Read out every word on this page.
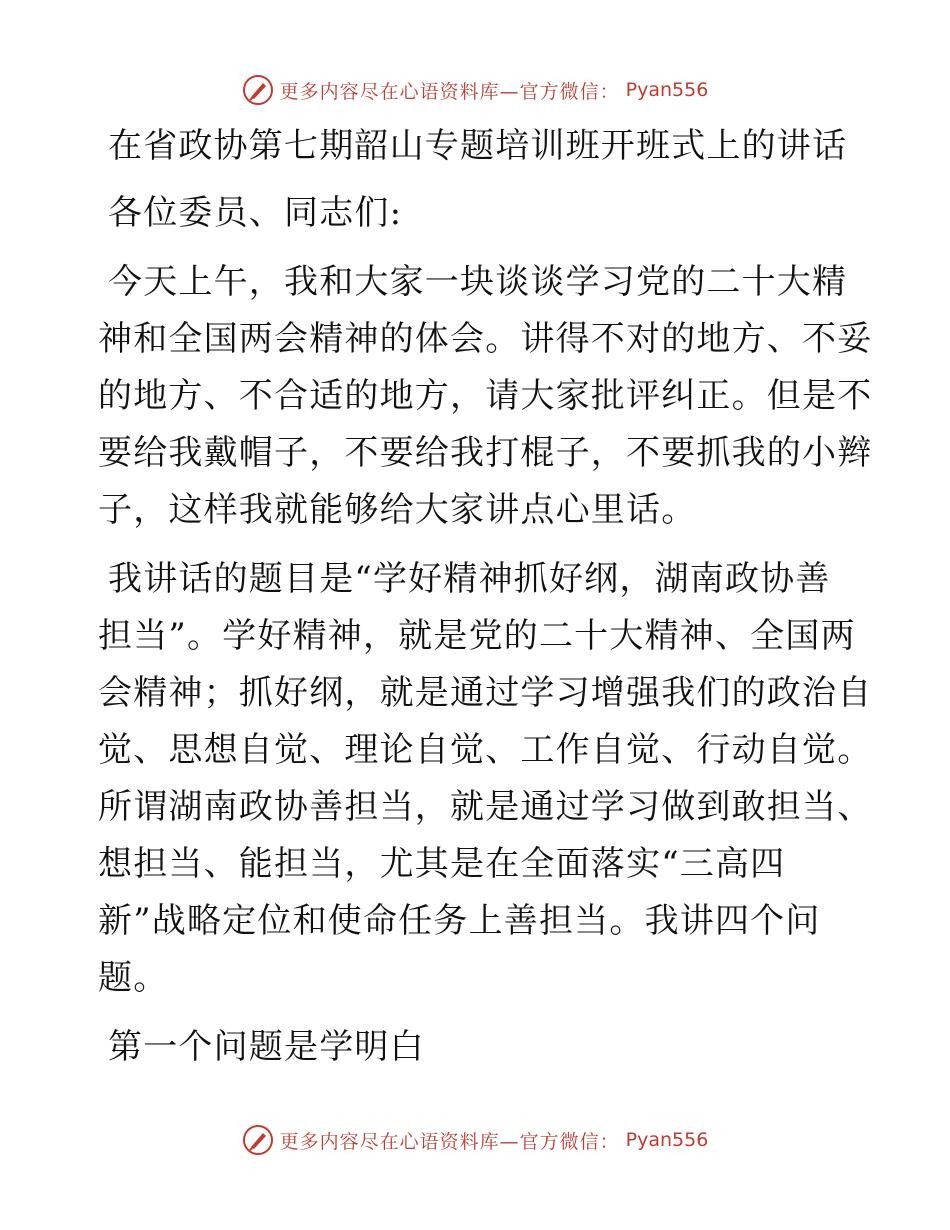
更多内容尽在心语资料库—官方微信： Pyan556
在省政协第七期韶山专题培训班开班式上的讲话
各位委员、同志们:
今天上午，我和大家一块谈谈学习党的二十大精
神和全国两会精神的体会。讲得不对的地方、不妥
的地方、不合适的地方，请大家批评纠正。但是不
要给我戴帽子，不要给我打棍子，不要抓我的小辫
子，这样我就能够给大家讲点心里话。
我讲话的题目是“学好精神抓好纲，湖南政协善
担当”。学好精神，就是党的二十大精神、全国两
会精神；抓好纲，就是通过学习增强我们的政治自
觉、思想自觉、理论自觉、工作自觉、行动自觉。
所谓湖南政协善担当，就是通过学习做到敢担当、
想担当、能担当，尤其是在全面落实“三高四
新”战略定位和使命任务上善担当。我讲四个问
题。
第一个问题是学明白
更多内容尽在心语资料库—官方微信： Pyan556
